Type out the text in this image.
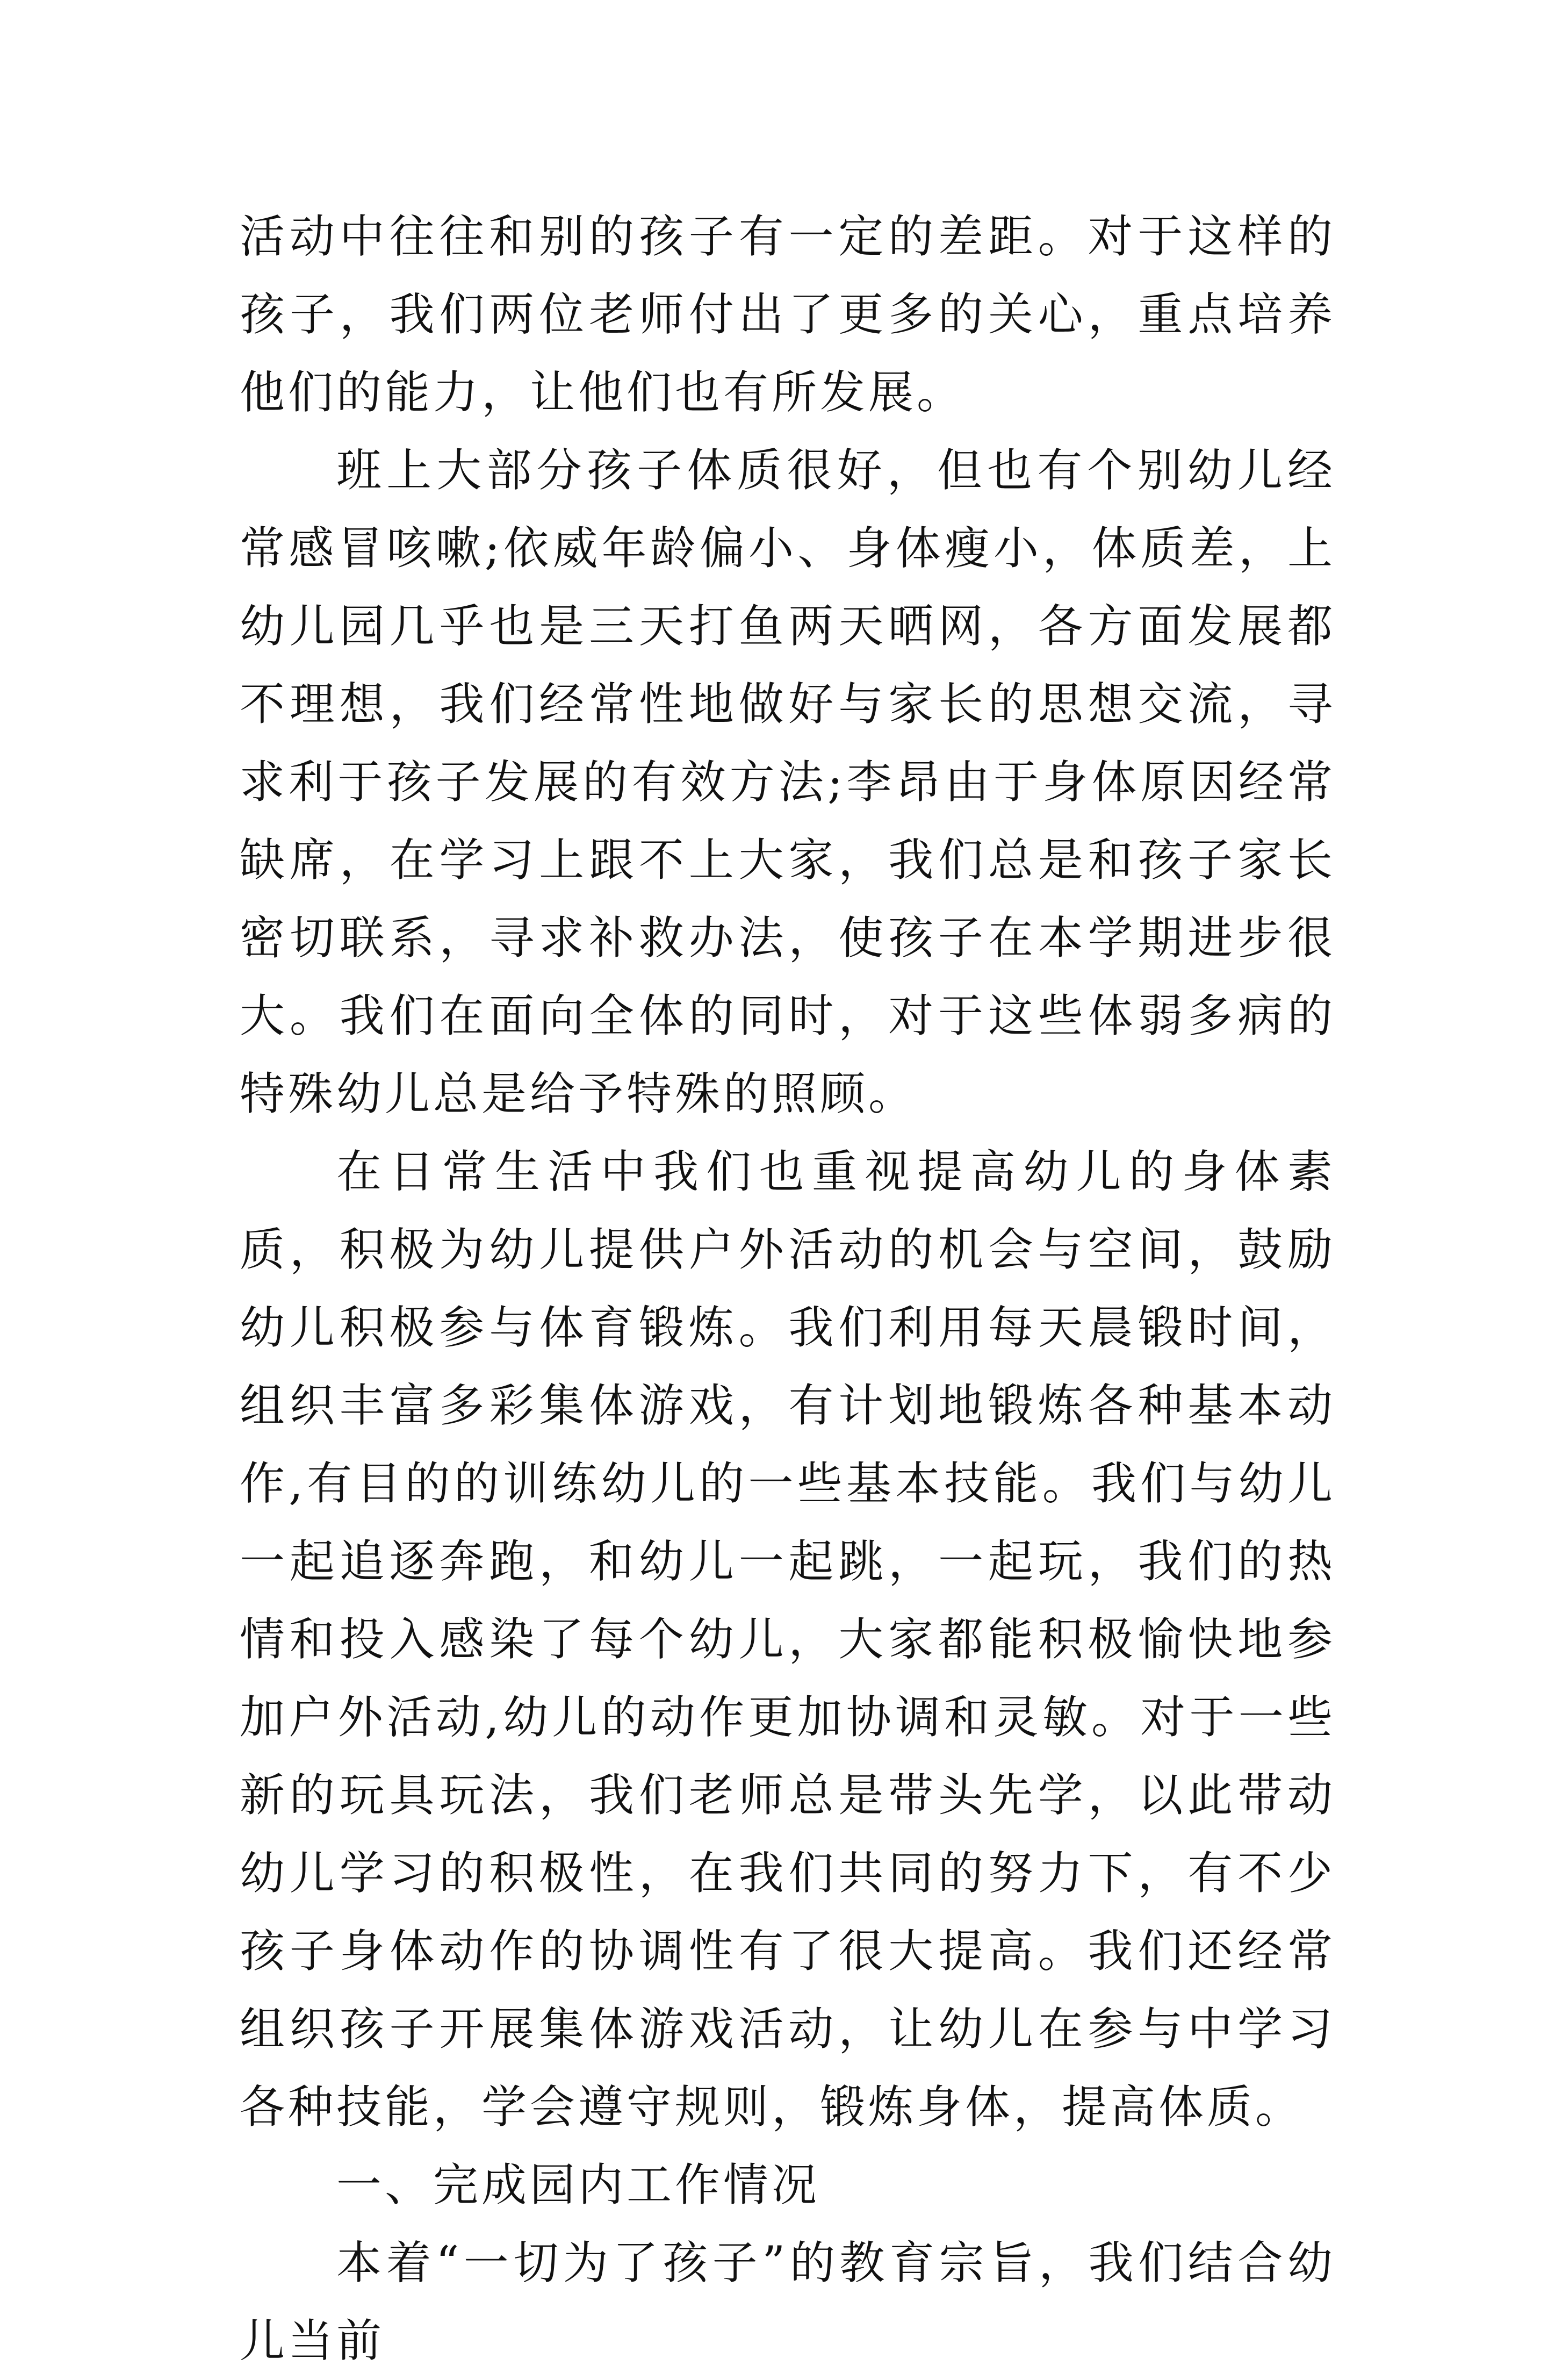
活动中往往和别的孩子有一定的差距。对于这样的孩子，我们两位老师付出了更多的关心，重点培养他们的能力，让他们也有所发展。

班上大部分孩子体质很好，但也有个别幼儿经常感冒咳嗽;依威年龄偏小、身体瘦小，体质差，上幼儿园几乎也是三天打鱼两天晒网，各方面发展都不理想，我们经常性地做好与家长的思想交流，寻求利于孩子发展的有效方法;李昂由于身体原因经常缺席，在学习上跟不上大家，我们总是和孩子家长密切联系，寻求补救办法，使孩子在本学期进步很大。我们在面向全体的同时，对于这些体弱多病的特殊幼儿总是给予特殊的照顾。

在日常生活中我们也重视提高幼儿的身体素质，积极为幼儿提供户外活动的机会与空间，鼓励幼儿积极参与体育锻炼。我们利用每天晨锻时间，组织丰富多彩集体游戏，有计划地锻炼各种基本动作,有目的的训练幼儿的一些基本技能。我们与幼儿一起追逐奔跑，和幼儿一起跳，一起玩，我们的热情和投入感染了每个幼儿，大家都能积极愉快地参加户外活动,幼儿的动作更加协调和灵敏。对于一些新的玩具玩法，我们老师总是带头先学，以此带动幼儿学习的积极性，在我们共同的努力下，有不少孩子身体动作的协调性有了很大提高。我们还经常组织孩子开展集体游戏活动，让幼儿在参与中学习各种技能，学会遵守规则，锻炼身体，提高体质。

一、完成园内工作情况

本着“一切为了孩子”的教育宗旨，我们结合幼儿当前
